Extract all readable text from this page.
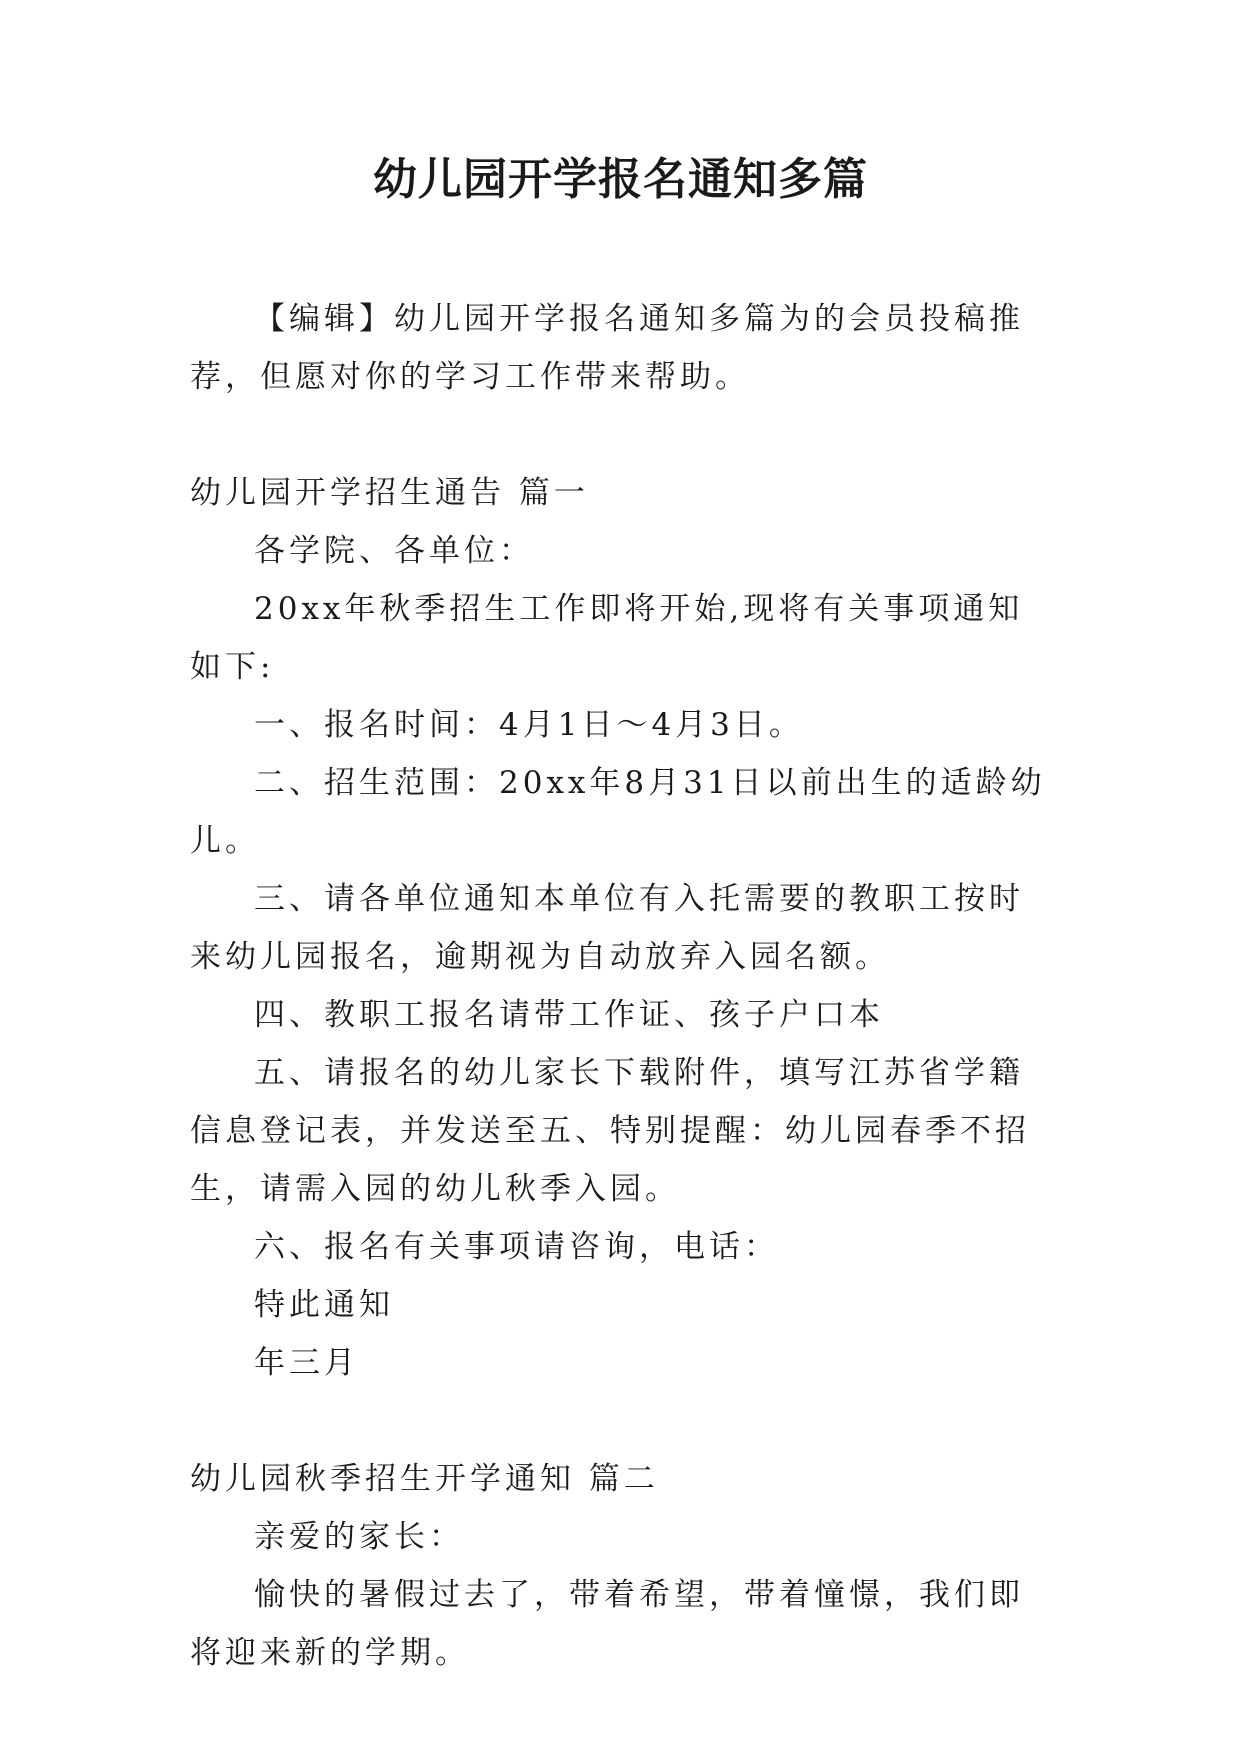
幼儿园开学报名通知多篇

【编辑】幼儿园开学报名通知多篇为的会员投稿推荐，但愿对你的学习工作带来帮助。

幼儿园开学招生通告 篇一

各学院、各单位：

20xx年秋季招生工作即将开始,现将有关事项通知如下:

一、报名时间：4月1日～4月3日。

二、招生范围：20xx年8月31日以前出生的适龄幼儿。

三、请各单位通知本单位有入托需要的教职工按时来幼儿园报名，逾期视为自动放弃入园名额。

四、教职工报名请带工作证、孩子户口本

五、请报名的幼儿家长下载附件，填写江苏省学籍信息登记表，并发送至五、特别提醒：幼儿园春季不招生，请需入园的幼儿秋季入园。

六、报名有关事项请咨询，电话：

特此通知

年三月

幼儿园秋季招生开学通知 篇二

亲爱的家长：

愉快的暑假过去了，带着希望，带着憧憬，我们即将迎来新的学期。
